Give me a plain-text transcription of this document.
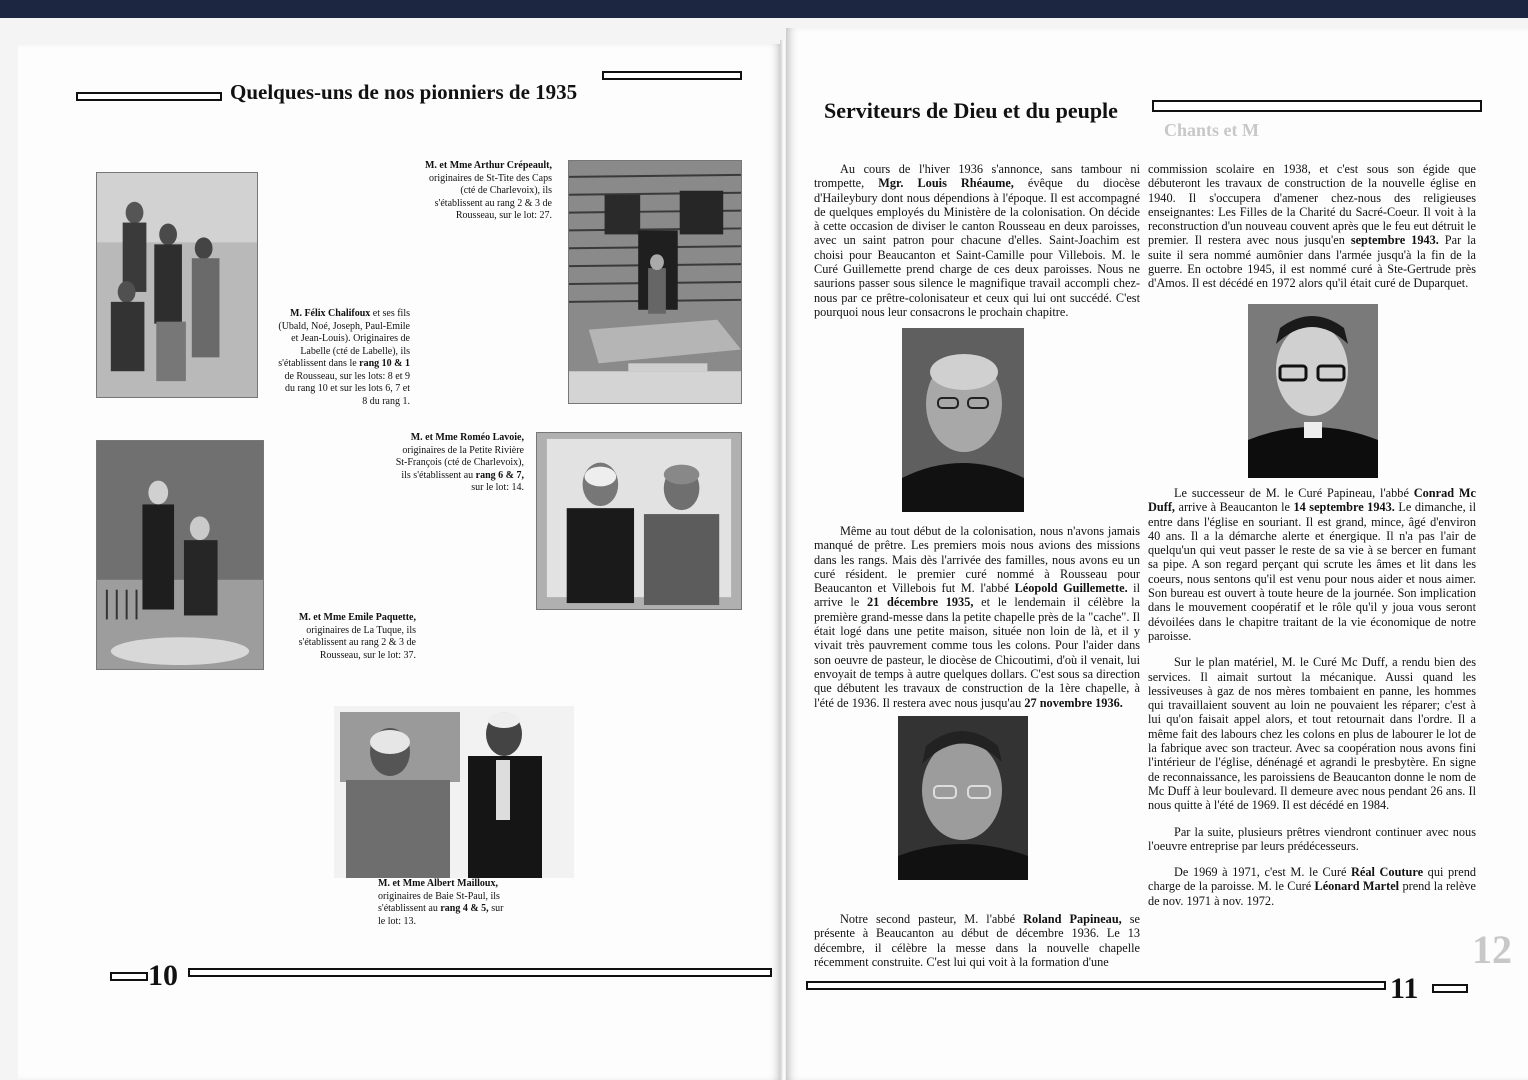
Quelques-uns de nos pionniers de 1935
M. et Mme Arthur Crépeault, originaires de St-Tite des Caps (cté de Charlevoix), ils s'établissent au rang 2 & 3 de Rousseau, sur le lot: 27.
M. Félix Chalifoux et ses fils (Ubald, Noé, Joseph, Paul-Emile et Jean-Louis). Originaires de Labelle (cté de Labelle), ils s'établissent dans le rang 10 & 1 de Rousseau, sur les lots: 8 et 9 du rang 10 et sur les lots 6, 7 et 8 du rang 1.
M. et Mme Roméo Lavoie, originaires de la Petite Rivière St-François (cté de Charlevoix), ils s'établissent au rang 6 & 7, sur le lot: 14.
M. et Mme Emile Paquette, originaires de La Tuque, ils s'établissent au rang 2 & 3 de Rousseau, sur le lot: 37.
M. et Mme Albert Mailloux, originaires de Baie St-Paul, ils s'établissent au rang 4 & 5, sur le lot: 13.
10
Chants et M
12
Serviteurs de Dieu et du peuple

Au cours de l'hiver 1936 s'annonce, sans tambour ni trompette, Mgr. Louis Rhéaume, évêque du diocèse d'Haileybury dont nous dépendions à l'époque. Il est accompagné de quelques employés du Ministère de la colonisation. On décide à cette occasion de diviser le canton Rousseau en deux paroisses, avec un saint patron pour chacune d'elles. Saint-Joachim est choisi pour Beaucanton et Saint-Camille pour Villebois. M. le Curé Guillemette prend charge de ces deux paroisses. Nous ne saurions passer sous silence le magnifique travail accompli chez-nous par ce prêtre-colonisateur et ceux qui lui ont succédé. C'est pourquoi nous leur consacrons le prochain chapitre.

Même au tout début de la colonisation, nous n'avons jamais manqué de prêtre. Les premiers mois nous avions des missions dans les rangs. Mais dès l'arrivée des familles, nous avons eu un curé résident. le premier curé nommé à Rousseau pour Beaucanton et Villebois fut M. l'abbé Léopold Guillemette. il arrive le 21 décembre 1935, et le lendemain il célèbre la première grand-messe dans la petite chapelle près de la "cache". Il était logé dans une petite maison, située non loin de là, et il y vivait très pauvrement comme tous les colons. Pour l'aider dans son oeuvre de pasteur, le diocèse de Chicoutimi, d'où il venait, lui envoyait de temps à autre quelques dollars. C'est sous sa direction que débutent les travaux de construction de la 1ère chapelle, à l'été de 1936. Il restera avec nous jusqu'au 27 novembre 1936.

Notre second pasteur, M. l'abbé Roland Papineau, se présente à Beaucanton au début de décembre 1936. Le 13 décembre, il célèbre la messe dans la nouvelle chapelle récemment construite. C'est lui qui voit à la formation d'une

commission scolaire en 1938, et c'est sous son égide que débuteront les travaux de construction de la nouvelle église en 1940. Il s'occupera d'amener chez-nous des religieuses enseignantes: Les Filles de la Charité du Sacré-Coeur. Il voit à la reconstruction d'un nouveau couvent après que le feu eut détruit le premier. Il restera avec nous jusqu'en septembre 1943. Par la suite il sera nommé aumônier dans l'armée jusqu'à la fin de la guerre. En octobre 1945, il est nommé curé à Ste-Gertrude près d'Amos. Il est décédé en 1972 alors qu'il était curé de Duparquet.

Le successeur de M. le Curé Papineau, l'abbé Conrad Mc Duff, arrive à Beaucanton le 14 septembre 1943. Le dimanche, il entre dans l'église en souriant. Il est grand, mince, âgé d'environ 40 ans. Il a la démarche alerte et énergique. Il n'a pas l'air de quelqu'un qui veut passer le reste de sa vie à se bercer en fumant sa pipe. A son regard perçant qui scrute les âmes et lit dans les coeurs, nous sentons qu'il est venu pour nous aider et nous aimer. Son bureau est ouvert à toute heure de la journée. Son implication dans le mouvement coopératif et le rôle qu'il y joua vous seront dévoilées dans le chapitre traitant de la vie économique de notre paroisse.

Sur le plan matériel, M. le Curé Mc Duff, a rendu bien des services. Il aimait surtout la mécanique. Aussi quand les lessiveuses à gaz de nos mères tombaient en panne, les hommes qui travaillaient souvent au loin ne pouvaient les réparer; c'est à lui qu'on faisait appel alors, et tout retournait dans l'ordre. Il a même fait des labours chez les colons en plus de labourer le lot de la fabrique avec son tracteur. Avec sa coopération nous avons fini l'intérieur de l'église, dénénagé et agrandi le presbytère. En signe de reconnaissance, les paroissiens de Beaucanton donne le nom de Mc Duff à leur boulevard. Il demeure avec nous pendant 26 ans. Il nous quitte à l'été de 1969. Il est décédé en 1984.

Par la suite, plusieurs prêtres viendront continuer avec nous l'oeuvre entreprise par leurs prédécesseurs.

De 1969 à 1971, c'est M. le Curé Réal Couture qui prend charge de la paroisse. M. le Curé Léonard Martel prend la relève de nov. 1971 à nov. 1972.

11
